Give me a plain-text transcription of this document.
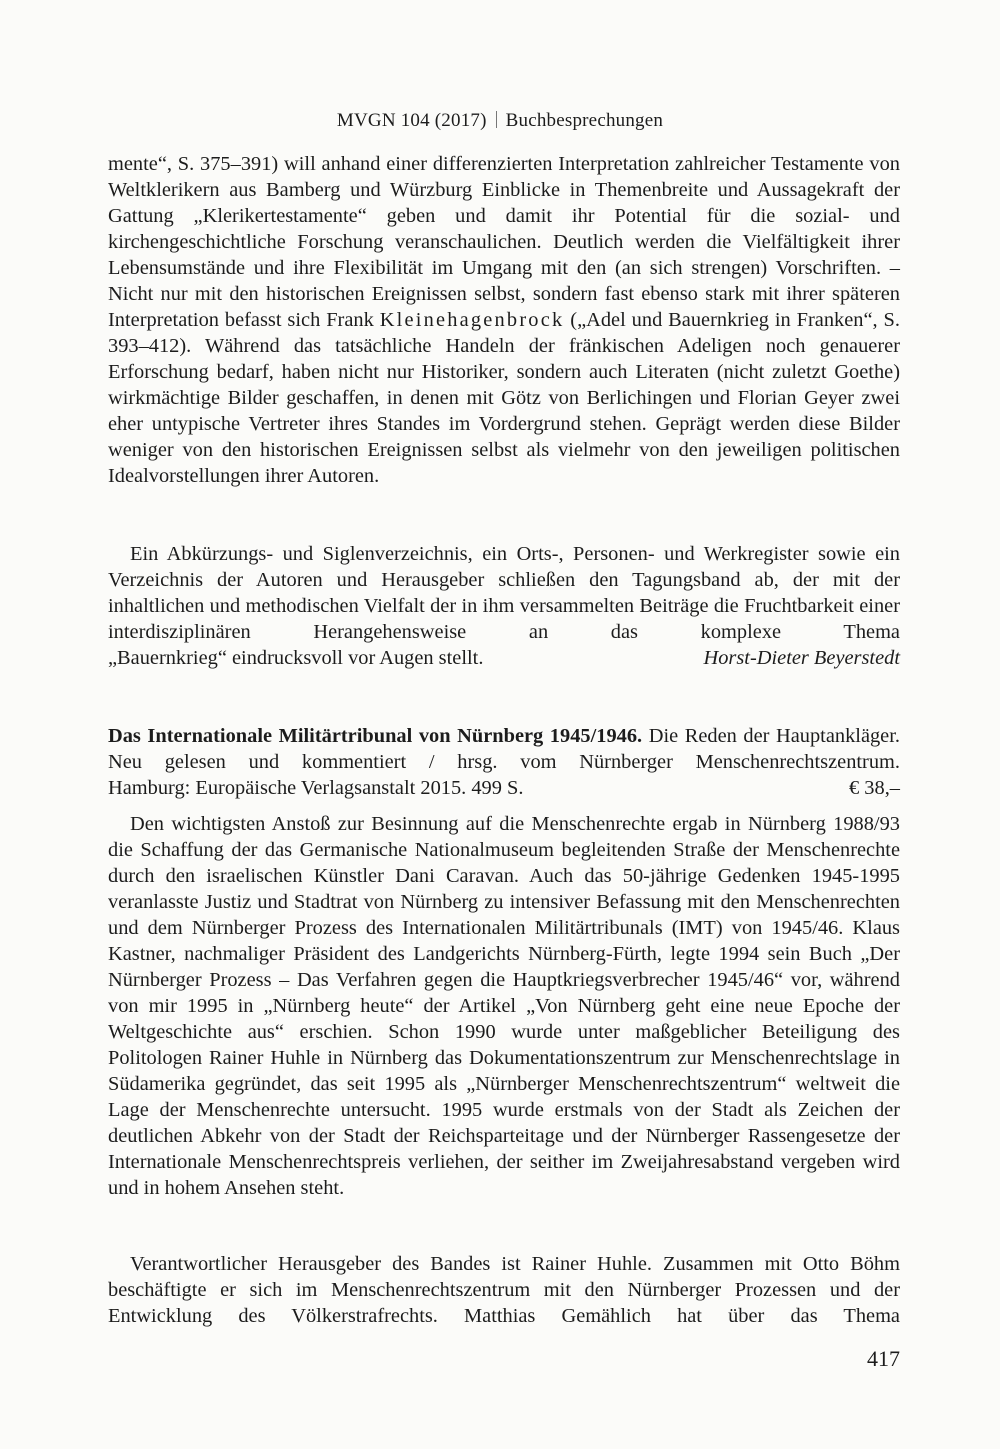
MVGN 104 (2017) Buchbesprechungen

mente“, S. 375–391) will anhand einer differenzierten Interpretation zahlreicher Testamente von Weltklerikern aus Bamberg und Würzburg Einblicke in Themenbreite und Aussagekraft der Gattung „Klerikertestamente“ geben und damit ihr Potential für die sozial- und kirchengeschichtliche Forschung veranschaulichen. Deutlich werden die Vielfältigkeit ihrer Lebensumstände und ihre Flexibilität im Umgang mit den (an sich strengen) Vorschriften. – Nicht nur mit den historischen Ereignissen selbst, sondern fast ebenso stark mit ihrer späteren Interpretation befasst sich Frank Kleinehagenbrock („Adel und Bauernkrieg in Franken“, S. 393–412). Während das tatsächliche Handeln der fränkischen Adeligen noch genauerer Erforschung bedarf, haben nicht nur Historiker, sondern auch Literaten (nicht zuletzt Goethe) wirkmächtige Bilder geschaffen, in denen mit Götz von Berlichingen und Florian Geyer zwei eher untypische Vertreter ihres Standes im Vordergrund stehen. Geprägt werden diese Bilder weniger von den historischen Ereignissen selbst als vielmehr von den jeweiligen politischen Idealvorstellungen ihrer Autoren.

Ein Abkürzungs- und Siglenverzeichnis, ein Orts-, Personen- und Werkregister sowie ein Verzeichnis der Autoren und Herausgeber schließen den Tagungsband ab, der mit der inhaltlichen und methodischen Vielfalt der in ihm versammelten Beiträge die Fruchtbarkeit einer interdisziplinären Herangehensweise an das komplexe Thema

„Bauernkrieg“ eindrucksvoll vor Augen stellt.	Horst-Dieter Beyerstedt

Das Internationale Militärtribunal von Nürnberg 1945/1946. Die Reden der Hauptankläger. Neu gelesen und kommentiert / hrsg. vom Nürnberger Menschenrechtszentrum.

Hamburg: Europäische Verlagsanstalt 2015. 499 S.	€ 38,–

Den wichtigsten Anstoß zur Besinnung auf die Menschenrechte ergab in Nürnberg 1988/93 die Schaffung der das Germanische Nationalmuseum begleitenden Straße der Menschenrechte durch den israelischen Künstler Dani Caravan. Auch das 50-jährige Gedenken 1945-1995 veranlasste Justiz und Stadtrat von Nürnberg zu intensiver Befassung mit den Menschenrechten und dem Nürnberger Prozess des Internationalen Militärtribunals (IMT) von 1945/46. Klaus Kastner, nachmaliger Präsident des Landgerichts Nürnberg-Fürth, legte 1994 sein Buch „Der Nürnberger Prozess – Das Verfahren gegen die Hauptkriegsverbrecher 1945/46“ vor, während von mir 1995 in „Nürnberg heute“ der Artikel „Von Nürnberg geht eine neue Epoche der Weltgeschichte aus“ erschien. Schon 1990 wurde unter maßgeblicher Beteiligung des Politologen Rainer Huhle in Nürnberg das Dokumentationszentrum zur Menschenrechtslage in Südamerika gegründet, das seit 1995 als „Nürnberger Menschenrechtszentrum“ weltweit die Lage der Menschenrechte untersucht. 1995 wurde erstmals von der Stadt als Zeichen der deutlichen Abkehr von der Stadt der Reichsparteitage und der Nürnberger Rassengesetze der Internationale Menschenrechtspreis verliehen, der seither im Zweijahresabstand vergeben wird und in hohem Ansehen steht.

Verantwortlicher Herausgeber des Bandes ist Rainer Huhle. Zusammen mit Otto Böhm beschäftigte er sich im Menschenrechtszentrum mit den Nürnberger Prozessen und der Entwicklung des Völkerstrafrechts. Matthias Gemählich hat über das Thema

417
